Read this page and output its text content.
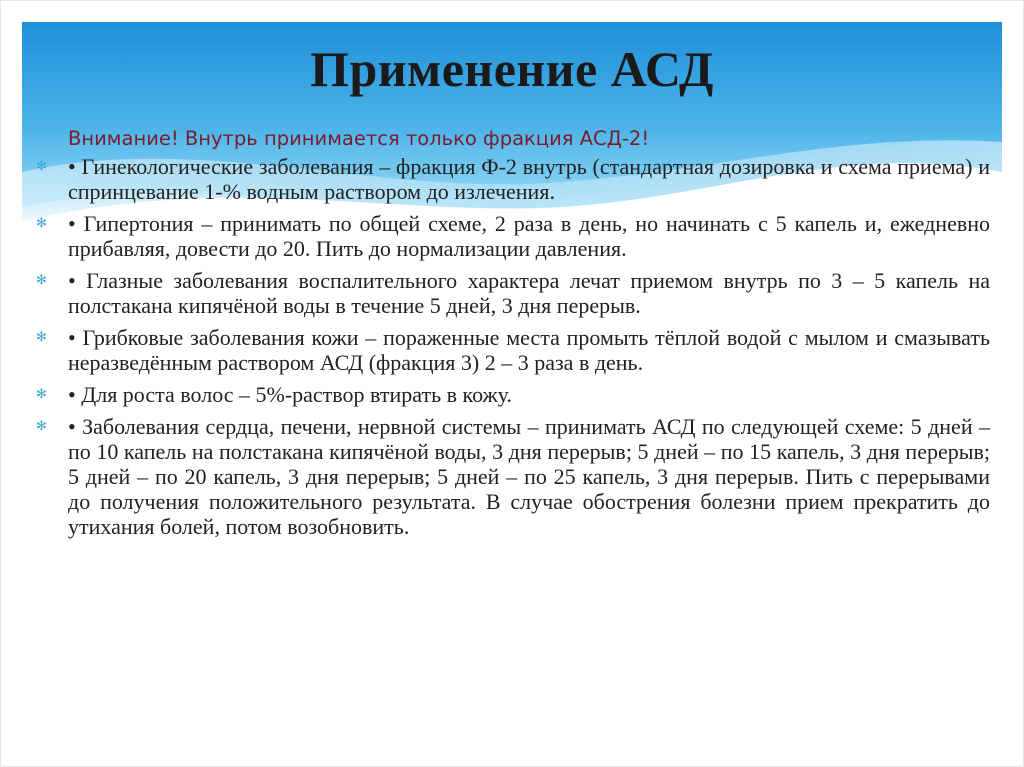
Применение АСД

Внимание! Внутрь принимается только фракция АСД-2!

✻ • Гинекологические заболевания – фракция Ф-2 внутрь (стандартная дозировка и схема приема) и спринцевание 1-% водным раствором до излечения.

✻ • Гипертония – принимать по общей схеме, 2 раза в день, но начинать с 5 капель и, ежедневно прибавляя, довести до 20. Пить до нормализации давления.

✻ • Глазные заболевания воспалительного характера лечат приемом внутрь по 3 – 5 капель на полстакана кипячёной воды в течение 5 дней, 3 дня перерыв.

✻ • Грибковые заболевания кожи – пораженные места промыть тёплой водой с мылом и смазывать неразведённым раствором АСД (фракция 3) 2 – 3 раза в день.

✻ • Для роста волос – 5%-раствор втирать в кожу.

✻ • Заболевания сердца, печени, нервной системы – принимать АСД по следующей схеме: 5 дней – по 10 капель на полстакана кипячёной воды, 3 дня перерыв; 5 дней – по 15 капель, 3 дня перерыв; 5 дней – по 20 капель, 3 дня перерыв; 5 дней – по 25 капель, 3 дня перерыв. Пить с перерывами до получения положительного результата. В случае обострения болезни прием прекратить до утихания болей, потом возобновить.
